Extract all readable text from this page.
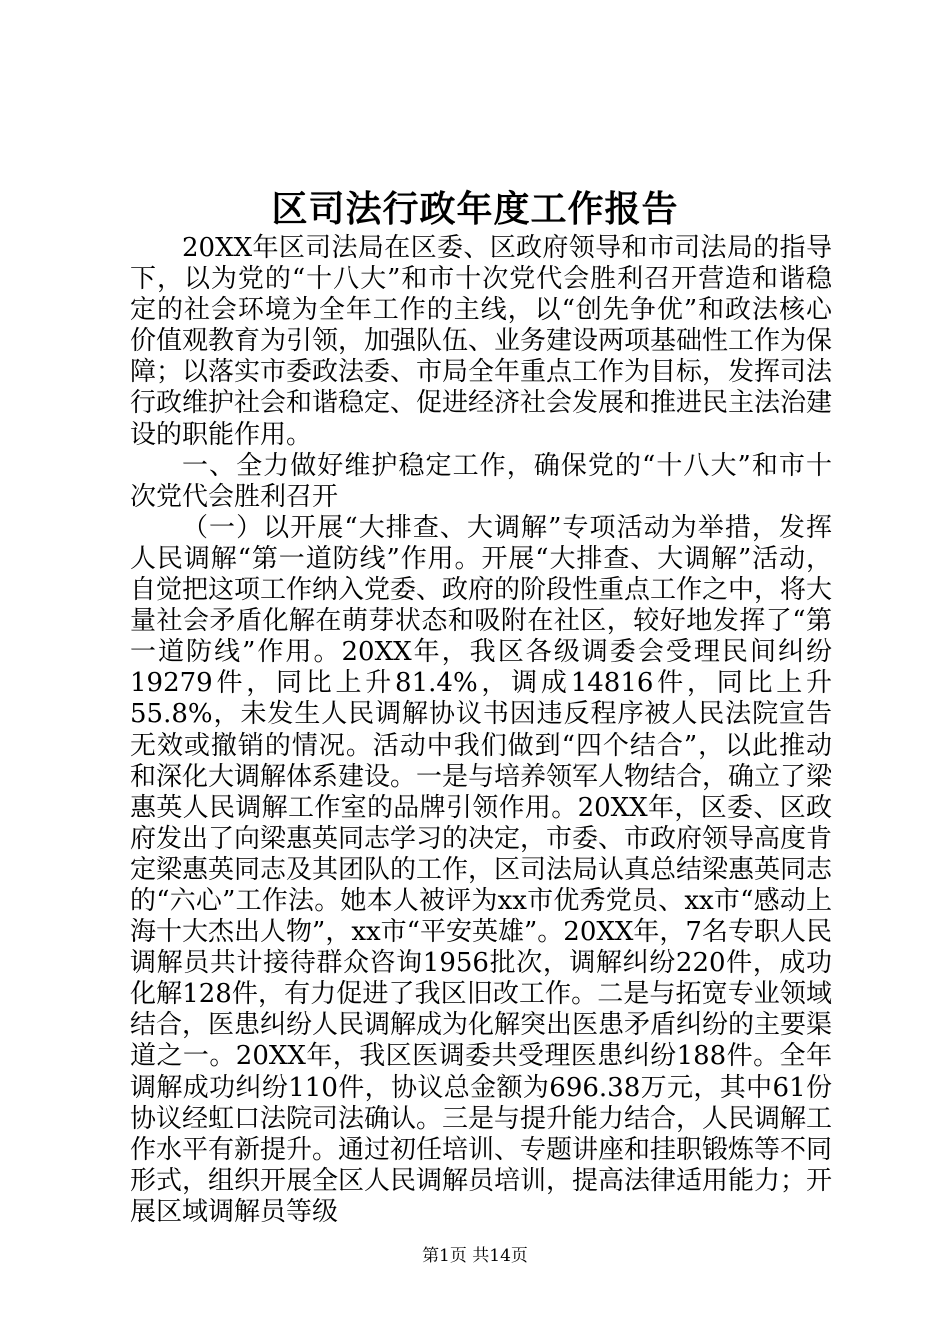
区司法行政年度工作报告

20XX年区司法局在区委、区政府领导和市司法局的指导下，以为党的“十八大”和市十次党代会胜利召开营造和谐稳定的社会环境为全年工作的主线，以“创先争优”和政法核心价值观教育为引领，加强队伍、业务建设两项基础性工作为保障；以落实市委政法委、市局全年重点工作为目标，发挥司法行政维护社会和谐稳定、促进经济社会发展和推进民主法治建设的职能作用。

一、全力做好维护稳定工作，确保党的“十八大”和市十次党代会胜利召开

（一）以开展“大排查、大调解”专项活动为举措，发挥人民调解“第一道防线”作用。开展“大排查、大调解”活动，自觉把这项工作纳入党委、政府的阶段性重点工作之中，将大量社会矛盾化解在萌芽状态和吸附在社区，较好地发挥了“第一道防线”作用。20XX年，我区各级调委会受理民间纠纷19279件，同比上升81.4%，调成14816件，同比上升55.8%，未发生人民调解协议书因违反程序被人民法院宣告无效或撤销的情况。活动中我们做到“四个结合”，以此推动和深化大调解体系建设。一是与培养领军人物结合，确立了梁惠英人民调解工作室的品牌引领作用。20XX年，区委、区政府发出了向梁惠英同志学习的决定，市委、市政府领导高度肯定梁惠英同志及其团队的工作，区司法局认真总结梁惠英同志的“六心”工作法。她本人被评为xx市优秀党员、xx市“感动上海十大杰出人物”，xx市“平安英雄”。20XX年，7名专职人民调解员共计接待群众咨询1956批次，调解纠纷220件，成功化解128件，有力促进了我区旧改工作。二是与拓宽专业领域结合，医患纠纷人民调解成为化解突出医患矛盾纠纷的主要渠道之一。20XX年，我区医调委共受理医患纠纷188件。全年调解成功纠纷110件，协议总金额为696.38万元，其中61份协议经虹口法院司法确认。三是与提升能力结合，人民调解工作水平有新提升。通过初任培训、专题讲座和挂职锻炼等不同形式，组织开展全区人民调解员培训，提高法律适用能力；开展区域调解员等级

第1页 共14页
